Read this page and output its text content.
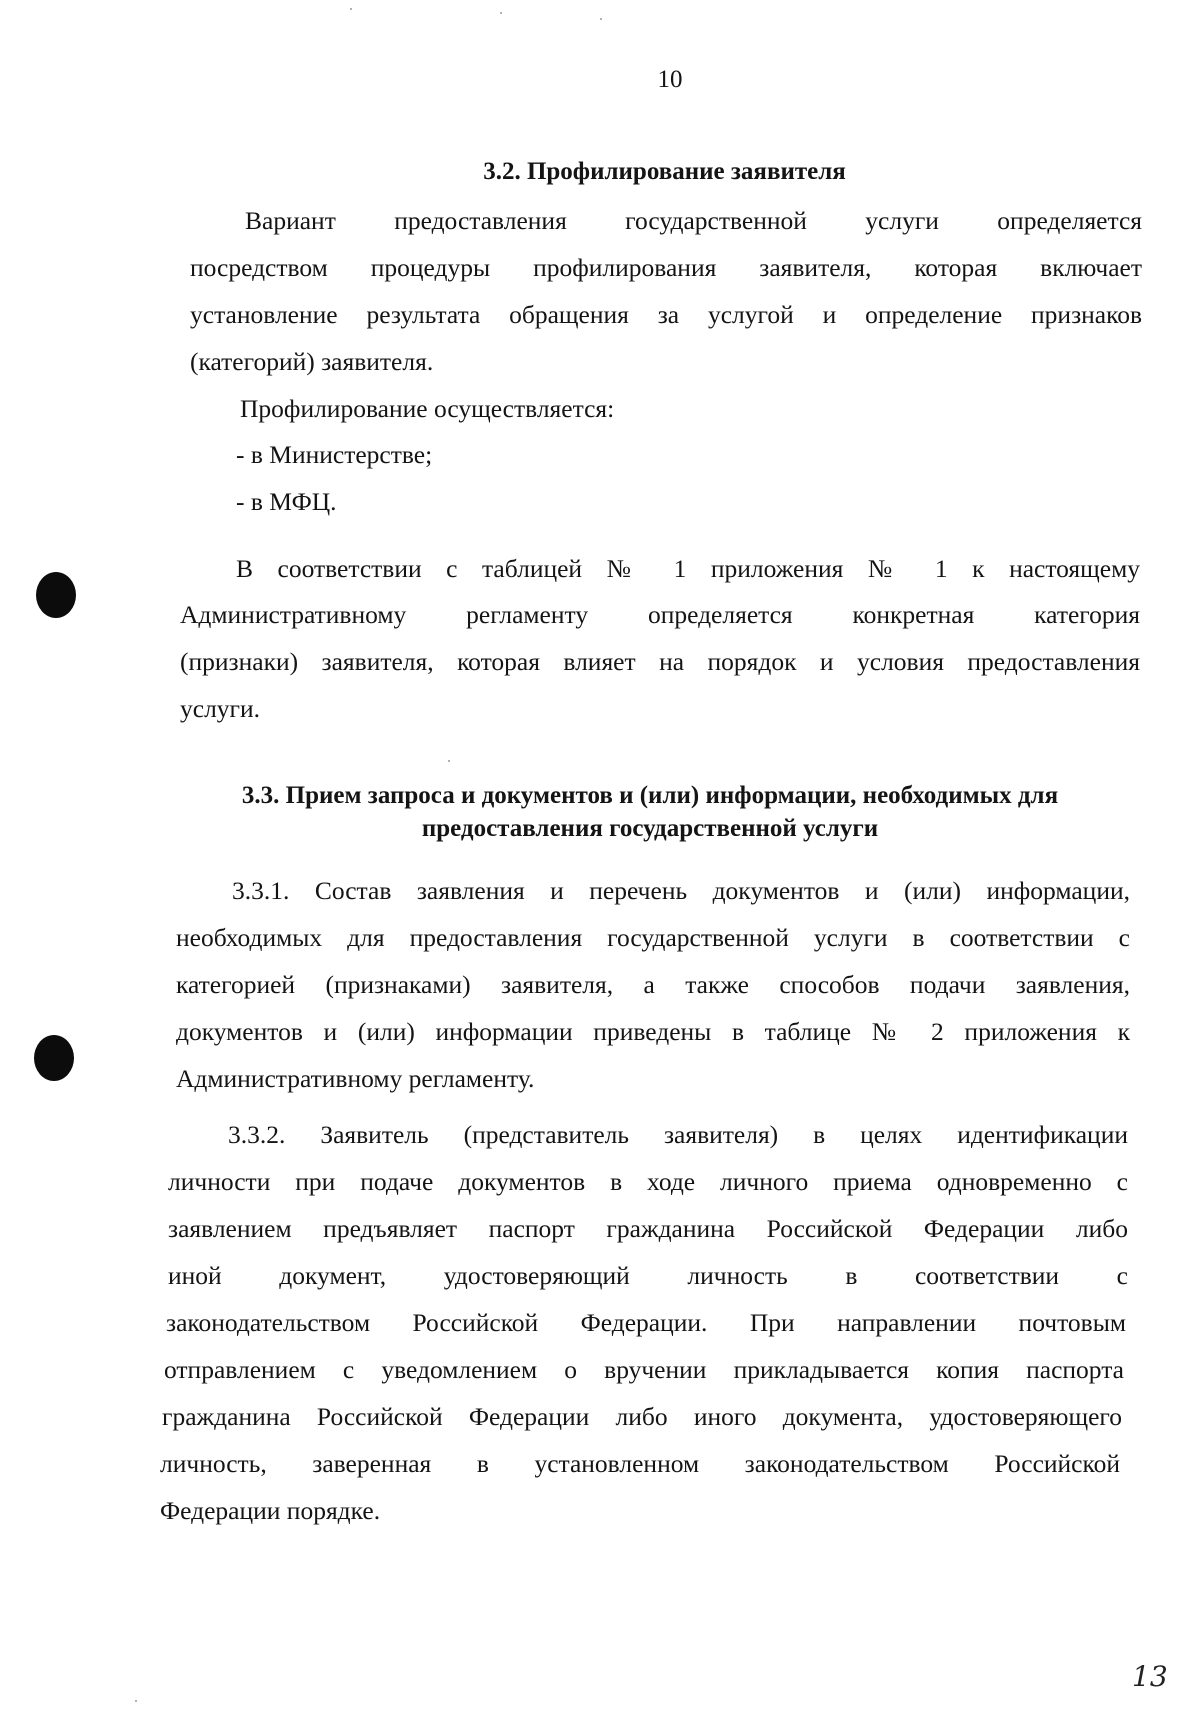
10
3.2. Профилирование заявителя
Вариант предоставления государственной услуги определяется
посредством процедуры профилирования заявителя, которая включает
установление результата обращения за услугой и определение признаков
(категорий) заявителя.
Профилирование осуществляется:
- в Министерстве;
- в МФЦ.
В соответствии с таблицей № 1 приложения № 1 к настоящему
Административному регламенту определяется конкретная категория
(признаки) заявителя, которая влияет на порядок и условия предоставления
услуги.
3.3. Прием запроса и документов и (или) информации, необходимых для
предоставления государственной услуги
3.3.1. Состав заявления и перечень документов и (или) информации,
необходимых для предоставления государственной услуги в соответствии с
категорией (признаками) заявителя, а также способов подачи заявления,
документов и (или) информации приведены в таблице № 2 приложения к
Административному регламенту.
3.3.2. Заявитель (представитель заявителя) в целях идентификации
личности при подаче документов в ходе личного приема одновременно с
заявлением предъявляет паспорт гражданина Российской Федерации либо
иной документ, удостоверяющий личность в соответствии с
законодательством Российской Федерации. При направлении почтовым
отправлением с уведомлением о вручении прикладывается копия паспорта
гражданина Российской Федерации либо иного документа, удостоверяющего
личность, заверенная в установленном законодательством Российской
Федерации порядке.
13
